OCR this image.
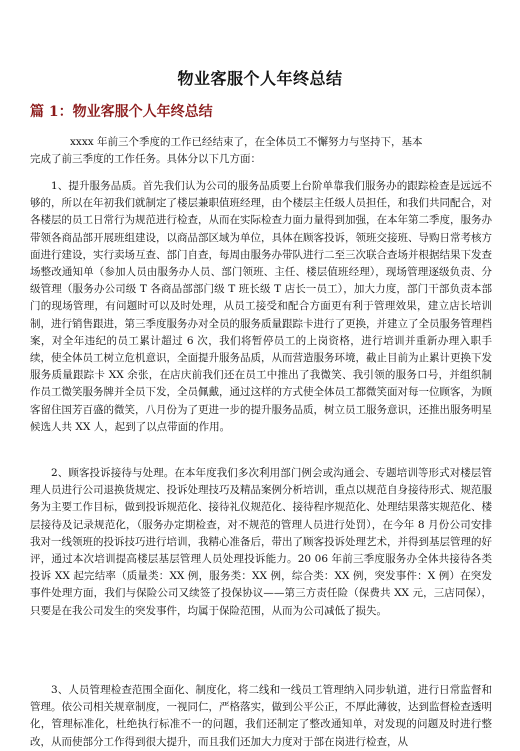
物业客服个人年终总结
篇 1：物业客服个人年终总结
xxxx 年前三个季度的工作已经结束了，在全体员工不懈努力与坚持下，基本
完成了前三季度的工作任务。具体分以下几方面：

1、提升服务品质。首先我们认为公司的服务品质要上台阶单靠我们服务办的跟踪检查是远远不够的，所以在年初我们就制定了楼层兼职值班经理，由个楼层主任级人员担任，和我们共同配合，对各楼层的员工日常行为规范进行检查，从而在实际检查力面力量得到加强，在本年第二季度，服务办带领各商品部开展班组建设，以商品部区域为单位，具体在顾客投诉，领班交接班、导购日常考核方面进行建设，实行卖场互查、部门自查，每周由服务办带队进行二至三次联合查场并根据结果下发查场整改通知单（参加人员由服务办人员、部门领班、主任、楼层值班经理），现场管理逐级负责、分级管理（服务办公司级 T 各商品部部门级 T 班长级 T 店长一员工），加大力度，部门干部负责本部门的现场管理，有问题时可以及时处理，从员工接受和配合方面更有利于管理效果，建立店长培训制，进行销售跟进，第三季度服务办对全员的服务质量跟踪卡进行了更换，并建立了全员服务管理档案，对全年违纪的员工累计超过 6 次，我们将暂停员工的上岗资格，进行培训并重新办理入职手续，使全体员工树立危机意识，全面提升服务品质，从而营造服务环境，截止目前为止累计更换下发服务质量跟踪卡 XX 余张，在店庆前我们还在员工中推出了我微笑、我引领的服务口号，并组织制作员工微笑服务牌并全员下发，全员佩戴，通过这样的方式使全体员工都微笑面对每一位顾客，为顾客留住国芳百盛的微笑，八月份为了更进一步的提升服务品质，树立员工服务意识，还推出服务明星候选人共 XX 人，起到了以点带面的作用。

2、顾客投诉接待与处理。在本年度我们多次利用部门例会或沟通会、专题培训等形式对楼层管理人员进行公司退换货规定、投诉处理技巧及精品案例分析培训，重点以规范自身接待形式、规范服务为主要工作目标，做到投诉规范化、接待礼仪规范化、接待程序规范化、处理结果落实规范化、楼层接待及记录规范化，（服务办定期检查，对不规范的管理人员进行处罚），在今年 8 月份公司安排我对一线领班的投诉技巧进行培训，我精心准备后，带出了顾客投诉处理艺术，并得到基层管理的好评，通过本次培训提高楼层基层管理人员处理投诉能力。20 06 年前三季度服务办全体共接待各类投诉 XX 起完结率（质量类：XX 例，服务类：XX 例，综合类：XX 例，突发事件：X 例）在突发事件处理方面，我们与保险公司又续签了投保协议——第三方责任险（保费共 XX 元，三店同保），只要是在我公司发生的突发事件，均属于保险范围，从而为公司减低了损失。

3、人员管理检查范围全面化、制度化，将二线和一线员工管理纳入同步轨道，进行日常监督和管理。依公司相关规章制度，一视同仁，严格落实，做到公平公正，不厚此薄彼，达到监督检查透明化，管理标准化，杜绝执行标准不一的问题，我们还制定了整改通知单，对发现的问题及时进行整改，从而使部分工作得到很大提升，而且我们还加大力度对于部在岗进行检查，从
